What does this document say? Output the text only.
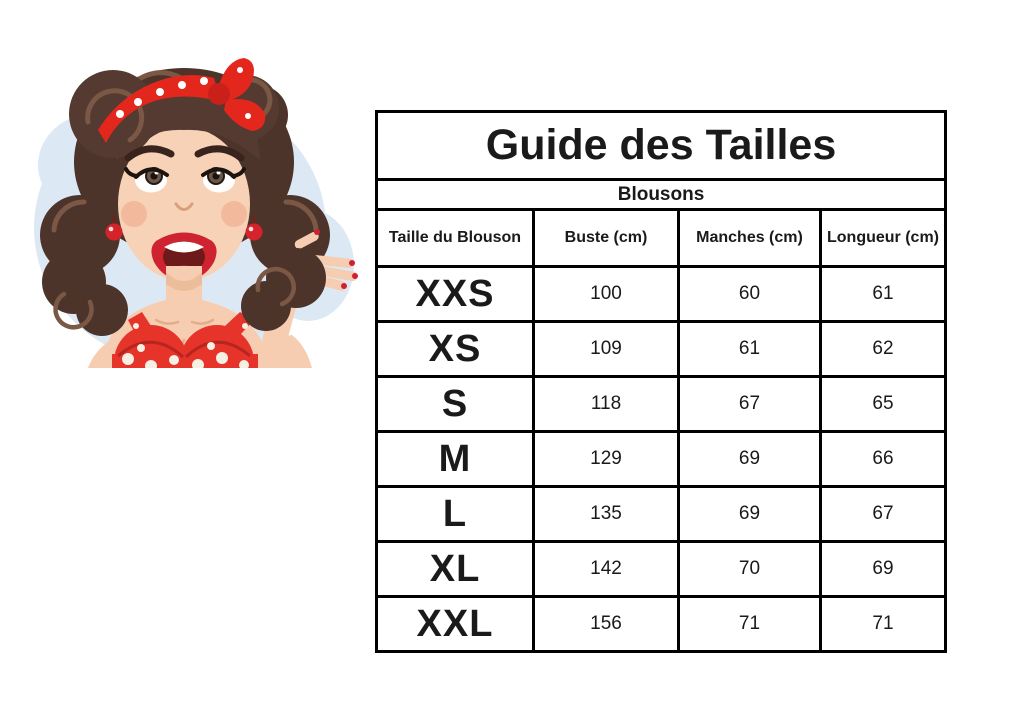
Guide des Tailles			
Blousons			
Taille du Blouson	Buste (cm)	Manches (cm)	Longueur (cm)
XXS	100	60	61
XS	109	61	62
S	118	67	65
M	129	69	66
L	135	69	67
XL	142	70	69
XXL	156	71	71
